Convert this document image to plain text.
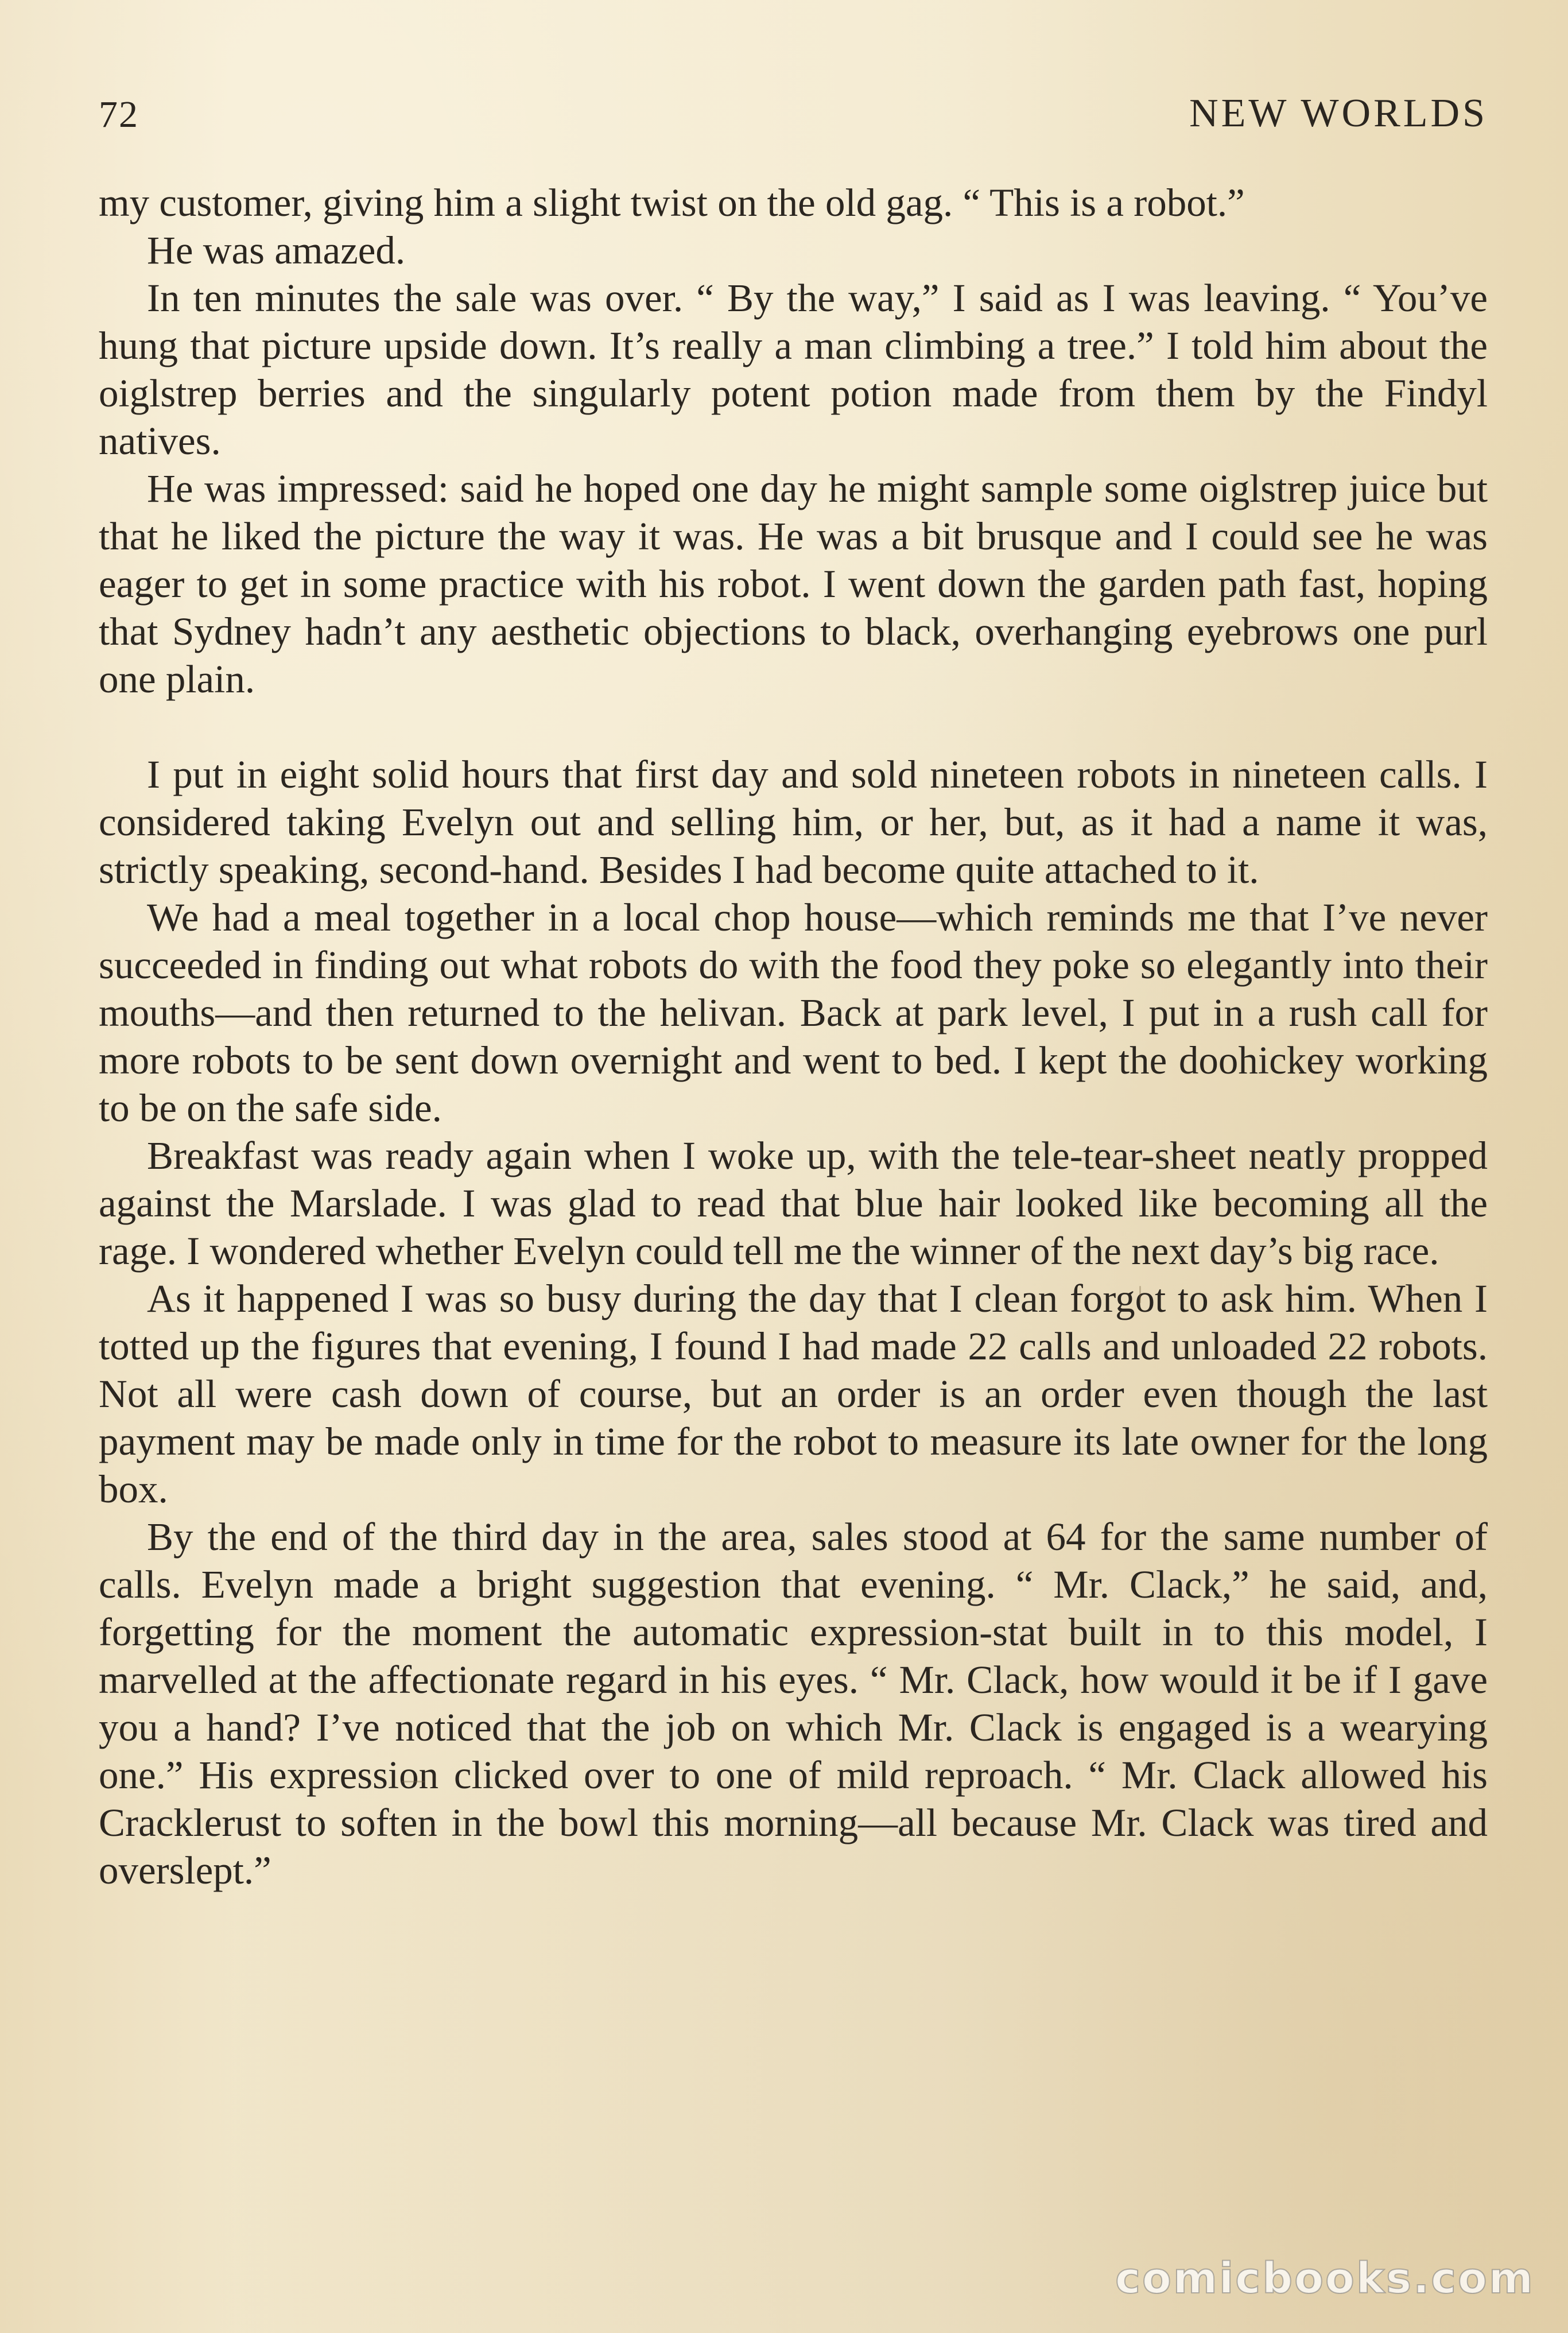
72	NEW WORLDS

my customer, giving him a slight twist on the old gag. “ This is a robot.”

He was amazed.

In ten minutes the sale was over. “ By the way,” I said as I was leaving. “ You’ve hung that picture upside down. It’s really a man climbing a tree.” I told him about the oiglstrep berries and the singularly potent potion made from them by the Findyl natives.

He was impressed: said he hoped one day he might sample some oiglstrep juice but that he liked the picture the way it was. He was a bit brusque and I could see he was eager to get in some practice with his robot. I went down the garden path fast, hoping that Sydney hadn’t any aesthetic objections to black, overhanging eyebrows one purl one plain.

I put in eight solid hours that first day and sold nineteen robots in nineteen calls. I considered taking Evelyn out and selling him, or her, but, as it had a name it was, strictly speaking, second-hand. Besides I had become quite attached to it.

We had a meal together in a local chop house—which reminds me that I’ve never succeeded in finding out what robots do with the food they poke so elegantly into their mouths—and then returned to the helivan. Back at park level, I put in a rush call for more robots to be sent down overnight and went to bed. I kept the doohickey working to be on the safe side.

Breakfast was ready again when I woke up, with the tele-tear-sheet neatly propped against the Marslade. I was glad to read that blue hair looked like becoming all the rage. I wondered whether Evelyn could tell me the winner of the next day’s big race.

As it happened I was so busy during the day that I clean forgot to ask him. When I totted up the figures that evening, I found I had made 22 calls and unloaded 22 robots. Not all were cash down of course, but an order is an order even though the last payment may be made only in time for the robot to measure its late owner for the long box.

By the end of the third day in the area, sales stood at 64 for the same number of calls. Evelyn made a bright suggestion that evening. “ Mr. Clack,” he said, and, forgetting for the moment the automatic expression-stat built in to this model, I marvelled at the affectionate regard in his eyes. “ Mr. Clack, how would it be if I gave you a hand? I’ve noticed that the job on which Mr. Clack is engaged is a wearying one.” His expression clicked over to one of mild reproach. “ Mr. Clack allowed his Cracklerust to soften in the bowl this morning—all because Mr. Clack was tired and overslept.”

comicbooks.com
